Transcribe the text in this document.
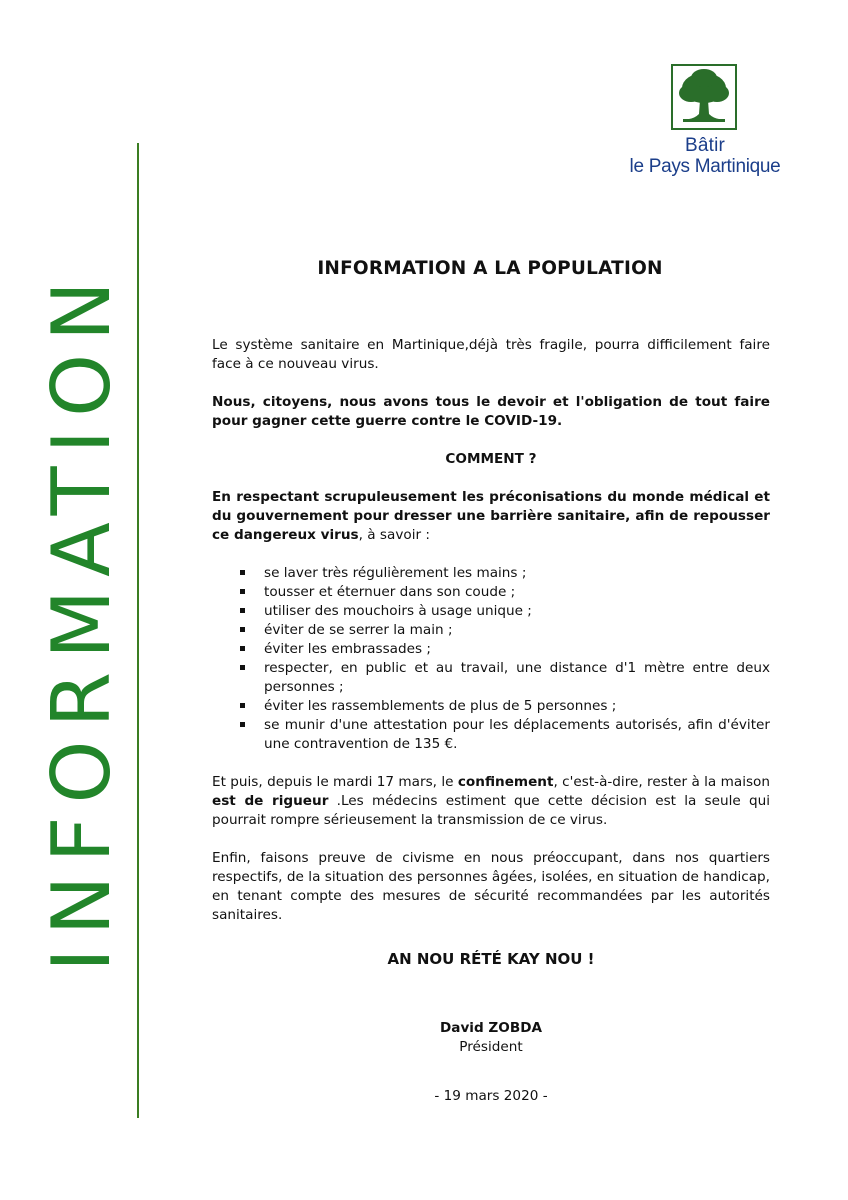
INFORMATION
Bâtir
le Pays Martinique
INFORMATION A LA POPULATION

Le système sanitaire en Martinique,déjà très fragile, pourra difficilement faire face à ce nouveau virus.

Nous, citoyens, nous avons tous le devoir et l'obligation de tout faire pour gagner cette guerre contre le COVID-19.

COMMENT ?

En respectant scrupuleusement les préconisations du monde médical et du gouvernement pour dresser une barrière sanitaire, afin de repousser ce dangereux virus, à savoir :

se laver très régulièrement les mains ;
tousser et éternuer dans son coude ;
utiliser des mouchoirs à usage unique ;
éviter de se serrer la main ;
éviter les embrassades ;
respecter, en public et au travail, une distance d'1 mètre entre deux personnes ;
éviter les rassemblements de plus de 5 personnes ;
se munir d'une attestation pour les déplacements autorisés, afin d'éviter une contravention de 135 €.

Et puis, depuis le mardi 17 mars, le confinement, c'est-à-dire, rester à la maison est de rigueur .Les médecins estiment que cette décision est la seule qui pourrait rompre sérieusement la transmission de ce virus.

Enfin, faisons preuve de civisme en nous préoccupant, dans nos quartiers respectifs, de la situation des personnes âgées, isolées, en situation de handicap, en tenant compte des mesures de sécurité recommandées par les autorités sanitaires.

AN NOU RÉTÉ KAY NOU !

David ZOBDA

Président

- 19 mars 2020 -
